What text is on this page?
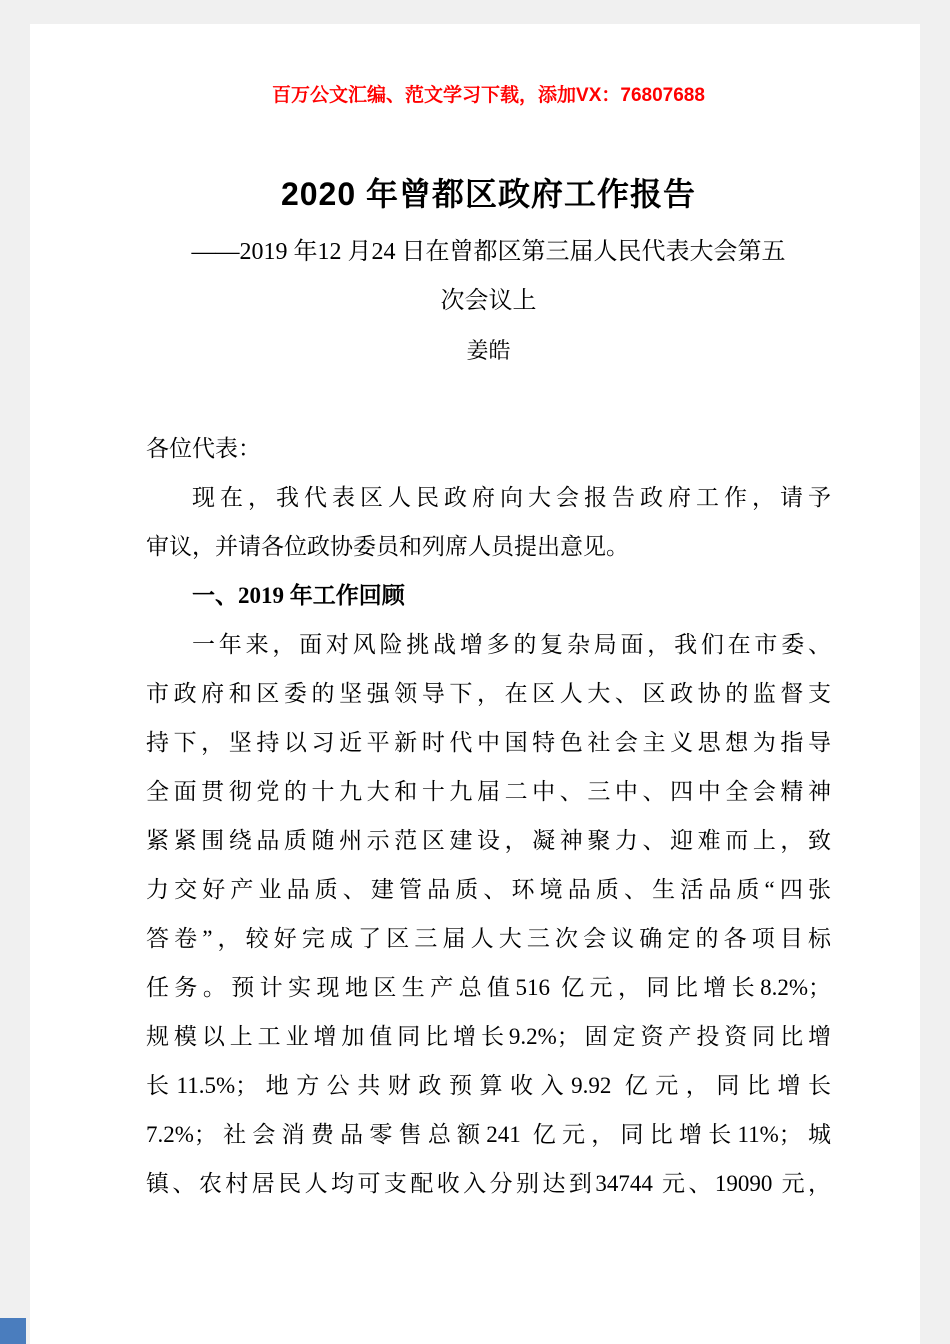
百万公文汇编、范文学习下载，添加VX：76807688
2020 年曾都区政府工作报告
——2019 年12 月24 日在曾都区第三届人民代表大会第五
次会议上
姜皓
各位代表：
现在，我代表区人民政府向大会报告政府工作，请予
审议，并请各位政协委员和列席人员提出意见。
一、2019 年工作回顾
一年来，面对风险挑战增多的复杂局面，我们在市委、
市政府和区委的坚强领导下，在区人大、区政协的监督支
持下，坚持以习近平新时代中国特色社会主义思想为指导
全面贯彻党的十九大和十九届二中、三中、四中全会精神
紧紧围绕品质随州示范区建设，凝神聚力、迎难而上，致
力交好产业品质、建管品质、环境品质、生活品质“四张
答卷”，较好完成了区三届人大三次会议确定的各项目标
任务。预计实现地区生产总值516 亿元，同比增长8.2%；
规模以上工业增加值同比增长9.2%；固定资产投资同比增
长11.5%；地方公共财政预算收入9.92 亿元，同比增长
7.2%；社会消费品零售总额241 亿元，同比增长11%；城
镇、农村居民人均可支配收入分别达到34744 元、19090 元，
